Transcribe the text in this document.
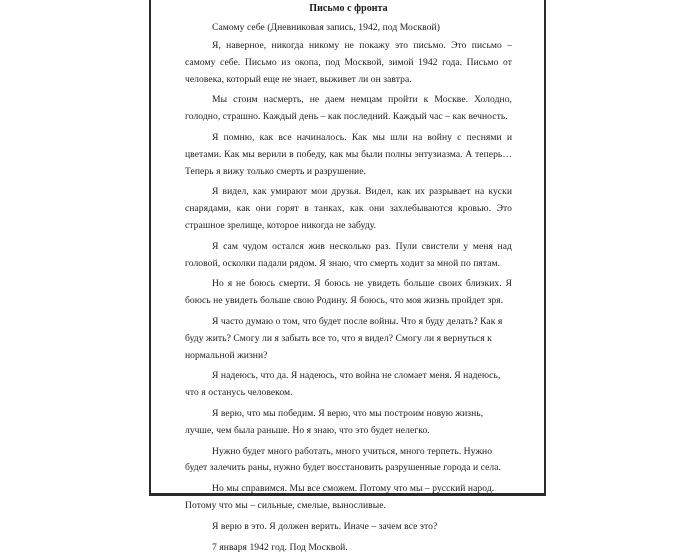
Письмо с фронта

Самому себе (Дневниковая запись, 1942, под Москвой)

Я, наверное, никогда никому не покажу это письмо. Это письмо – самому себе. Письмо из окопа, под Москвой, зимой 1942 года. Письмо от человека, который еще не знает, выживет ли он завтра.

Мы стоим насмерть, не даем немцам пройти к Москве. Холодно, голодно, страшно. Каждый день – как последний. Каждый час – как вечность.

Я помню, как все начиналось. Как мы шли на войну с песнями и цветами. Как мы верили в победу, как мы были полны энтузиазма. А теперь… Теперь я вижу только смерть и разрушение.

Я видел, как умирают мои друзья. Видел, как их разрывает на куски снарядами, как они горят в танках, как они захлебываются кровью. Это страшное зрелище, которое никогда не забуду.

Я сам чудом остался жив несколько раз. Пули свистели у меня над головой, осколки падали рядом. Я знаю, что смерть ходит за мной по пятам.

Но я не боюсь смерти. Я боюсь не увидеть больше своих близких. Я боюсь не увидеть больше свою Родину. Я боюсь, что моя жизнь пройдет зря.

Я часто думаю о том, что будет после войны. Что я буду делать? Как я буду жить? Смогу ли я забыть все то, что я видел? Смогу ли я вернуться к нормальной жизни?

Я надеюсь, что да. Я надеюсь, что война не сломает меня. Я надеюсь, что я останусь человеком.

Я верю, что мы победим. Я верю, что мы построим новую жизнь, лучше, чем была раньше. Но я знаю, что это будет нелегко.

Нужно будет много работать, много учиться, много терпеть. Нужно будет залечить раны, нужно будет восстановить разрушенные города и села.

Но мы справимся. Мы все сможем. Потому что мы – русский народ. Потому что мы – сильные, смелые, выносливые.

Я верю в это. Я должен верить. Иначе – зачем все это?

7 января 1942 год. Под Москвой.
